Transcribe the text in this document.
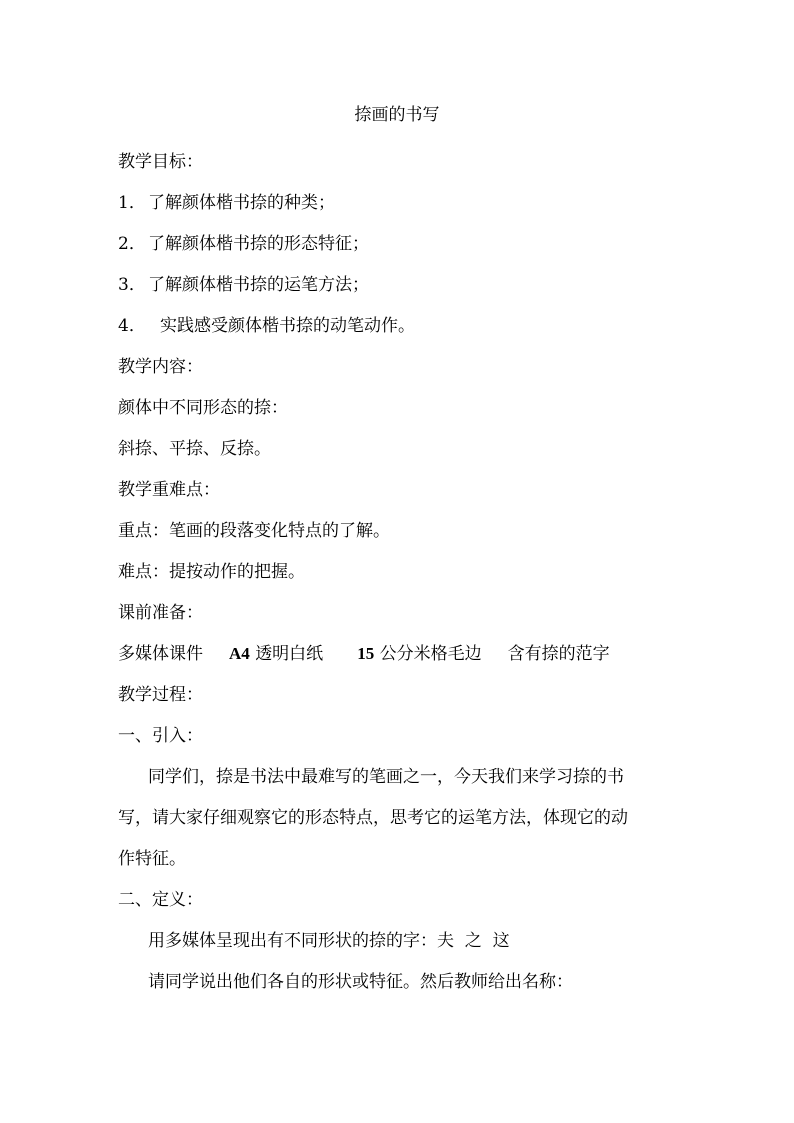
捺画的书写
教学目标：
1． 了解颜体楷书捺的种类；
2． 了解颜体楷书捺的形态特征；
3． 了解颜体楷书捺的运笔方法；
4． 实践感受颜体楷书捺的动笔动作。
教学内容：
颜体中不同形态的捺：
斜捺、平捺、反捺。
教学重难点：
重点：笔画的段落变化特点的了解。
难点：提按动作的把握。
课前准备：
多媒体课件 A4 透明白纸 15 公分米格毛边 含有捺的范字
教学过程：
一、引入：
同学们，捺是书法中最难写的笔画之一，今天我们来学习捺的书
写，请大家仔细观察它的形态特点，思考它的运笔方法，体现它的动
作特征。
二、定义：
用多媒体呈现出有不同形状的捺的字：夫  之  这
请同学说出他们各自的形状或特征。然后教师给出名称：
